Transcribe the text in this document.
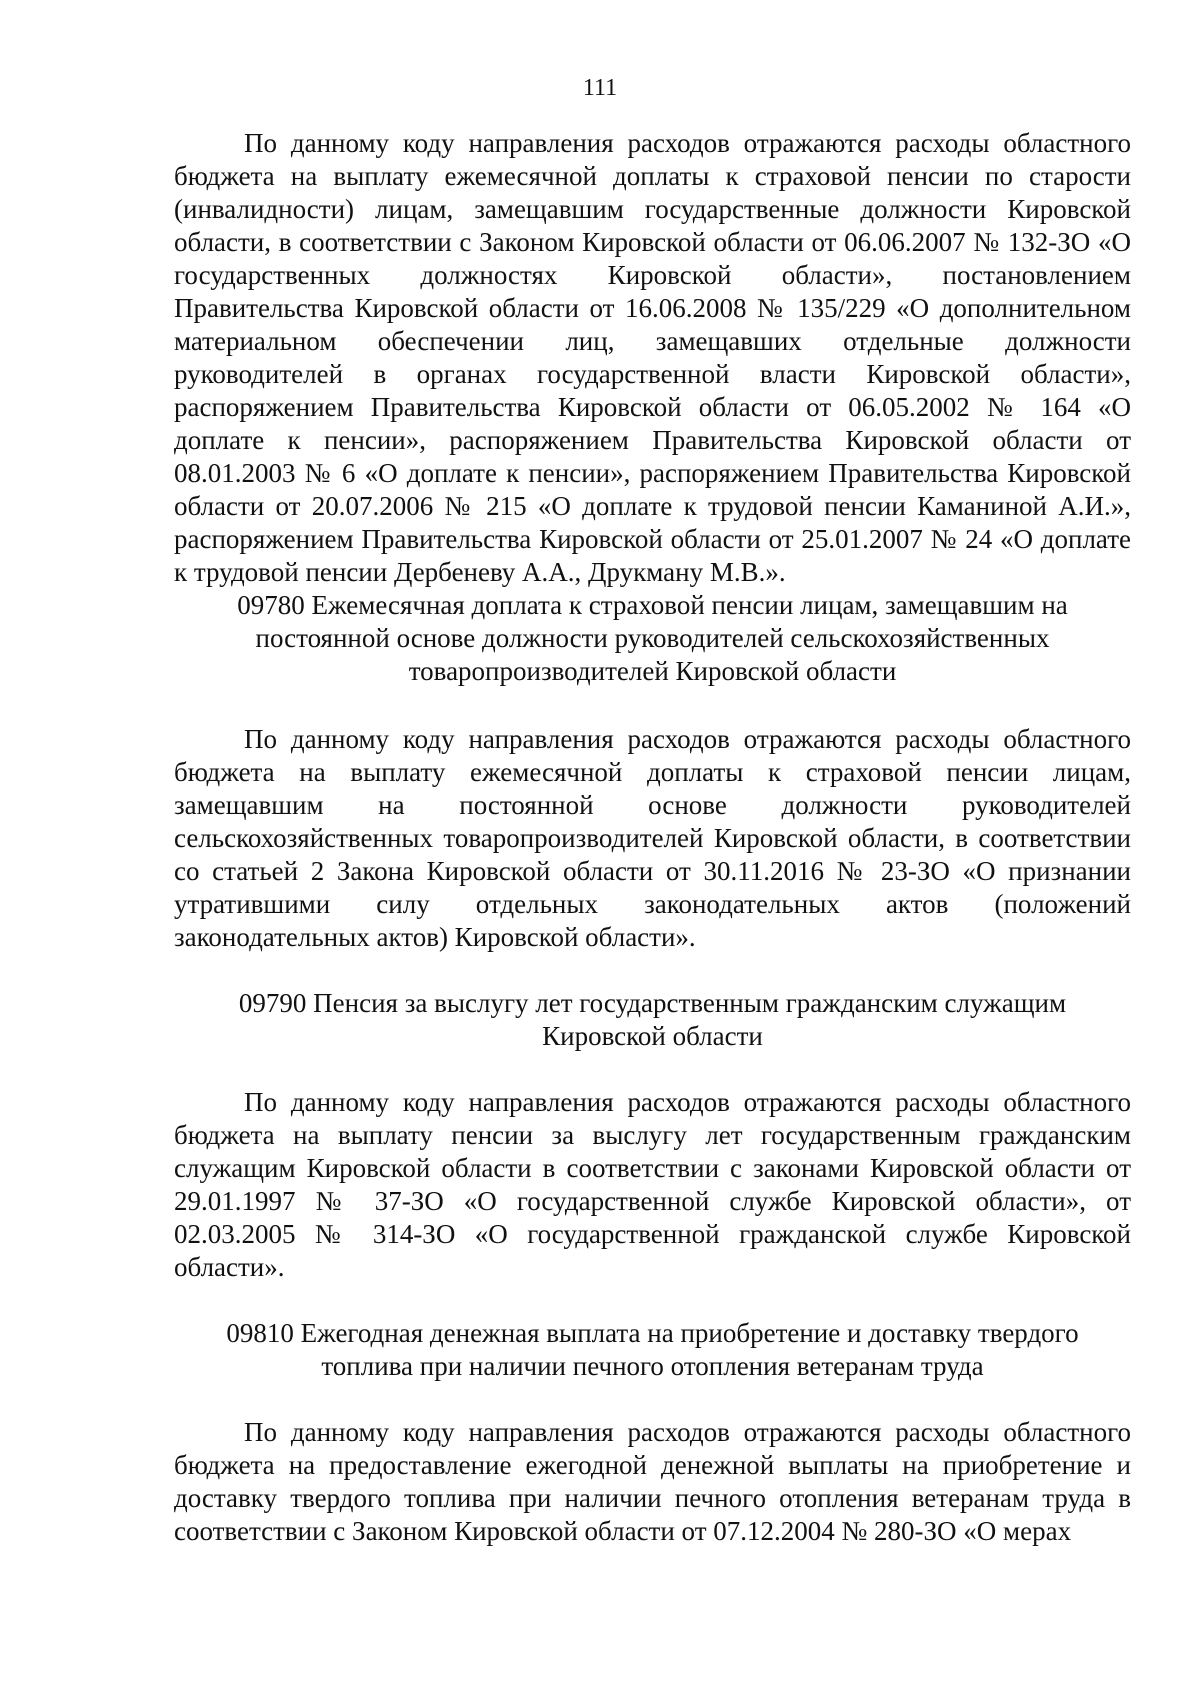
111

По данному коду направления расходов отражаются расходы областного бюджета на выплату ежемесячной доплаты к страховой пенсии по старости (инвалидности) лицам, замещавшим государственные должности Кировской области, в соответствии с Законом Кировской области от 06.06.2007 № 132-ЗО «О государственных должностях Кировской области», постановлением Правительства Кировской области от 16.06.2008 № 135/229 «О дополнительном материальном обеспечении лиц, замещавших отдельные должности руководителей в органах государственной власти Кировской области», распоряжением Правительства Кировской области от 06.05.2002 № 164 «О доплате к пенсии», распоряжением Правительства Кировской области от 08.01.2003 № 6 «О доплате к пенсии», распоряжением Правительства Кировской области от 20.07.2006 № 215 «О доплате к трудовой пенсии Каманиной А.И.», распоряжением Правительства Кировской области от 25.01.2007 № 24 «О доплате к трудовой пенсии Дербеневу А.А., Друкману М.В.».

09780 Ежемесячная доплата к страховой пенсии лицам, замещавшим на постоянной основе должности руководителей сельскохозяйственных товаропроизводителей Кировской области

По данному коду направления расходов отражаются расходы областного бюджета на выплату ежемесячной доплаты к страховой пенсии лицам, замещавшим на постоянной основе должности руководителей сельскохозяйственных товаропроизводителей Кировской области, в соответствии со статьей 2 Закона Кировской области от 30.11.2016 № 23-ЗО «О признании утратившими силу отдельных законодательных актов (положений законодательных актов) Кировской области».

09790 Пенсия за выслугу лет государственным гражданским служащим Кировской области

По данному коду направления расходов отражаются расходы областного бюджета на выплату пенсии за выслугу лет государственным гражданским служащим Кировской области в соответствии с законами Кировской области от 29.01.1997 № 37-ЗО «О государственной службе Кировской области», от 02.03.2005 № 314-ЗО «О государственной гражданской службе Кировской области».

09810 Ежегодная денежная выплата на приобретение и доставку твердого топлива при наличии печного отопления ветеранам труда

По данному коду направления расходов отражаются расходы областного бюджета на предоставление ежегодной денежной выплаты на приобретение и доставку твердого топлива при наличии печного отопления ветеранам труда в соответствии с Законом Кировской области от 07.12.2004 № 280-ЗО «О мерах
